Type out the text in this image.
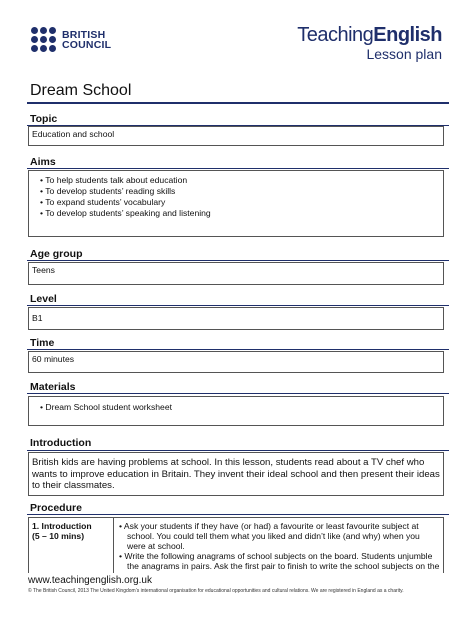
BRITISH
COUNCIL	TeachingEnglish
Lesson plan
Dream School
Topic
Education and school
Aims
• To help students talk about education
• To develop students’ reading skills
• To expand students’ vocabulary
• To develop students’ speaking and listening
Age group
Teens
Level
B1
Time
60 minutes
Materials
• Dream School student worksheet
Introduction
British kids are having problems at school. In this lesson, students read about a TV chef who wants to improve education in Britain. They invent their ideal school and then present their ideas to their classmates.
Procedure
1. Introduction
(5 – 10 mins)

• Ask your students if they have (or had) a favourite or least favourite subject at school. You could tell them what you liked and didn’t like (and why) when you were at school.
• Write the following anagrams of school subjects on the board. Students unjumble the anagrams in pairs. Ask the first pair to finish to write the school subjects on the
www.teachingenglish.org.uk
© The British Council, 2013 The United Kingdom’s international organisation for educational opportunities and cultural relations. We are registered in England as a charity.
